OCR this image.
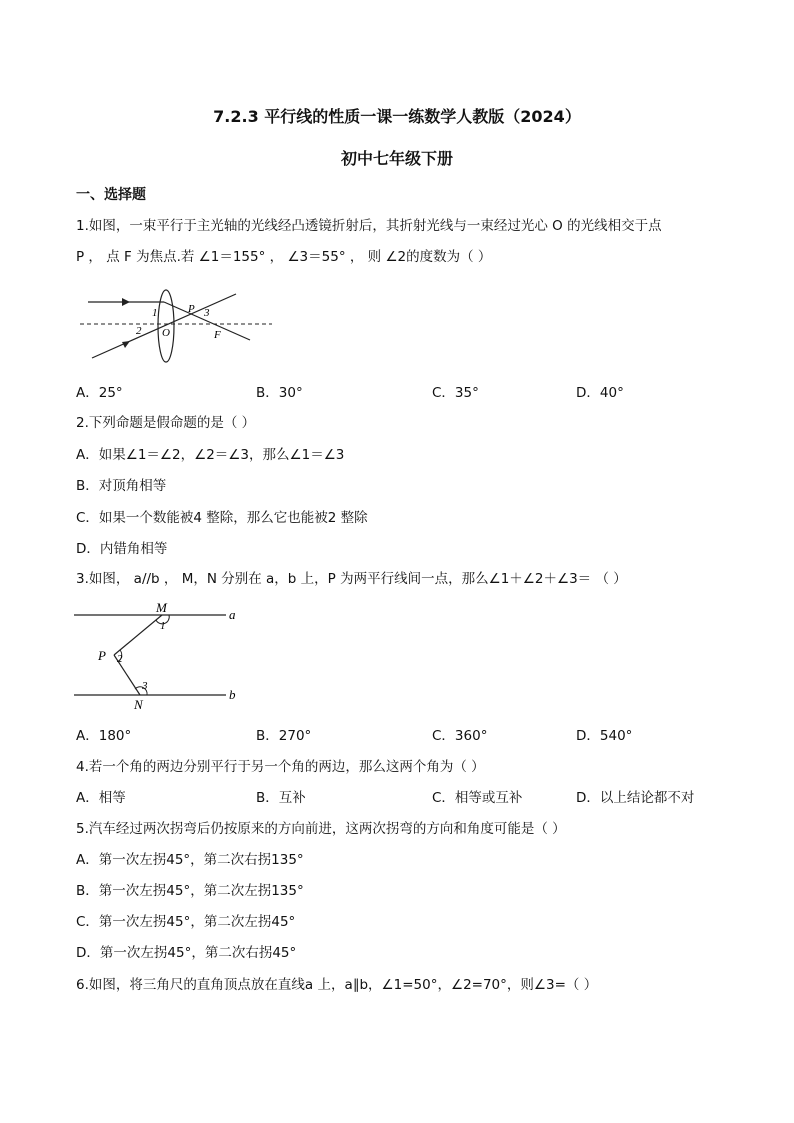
7.2.3 平行线的性质一课一练数学人教版（2024）
初中七年级下册
一、选择题
1.如图，一束平行于主光轴的光线经凸透镜折射后，其折射光线与一束经过光心 O 的光线相交于点
P ， 点 F 为焦点.若 ∠1＝155° ， ∠3＝55° ， 则 ∠2的度数为（ ）
1
2 O
P 3
F
A．25°	B．30°	C．35°	D．40°
2.下列命题是假命题的是（ ）
A．如果∠1＝∠2，∠2＝∠3，那么∠1＝∠3
B．对顶角相等
C．如果一个数能被4 整除，那么它也能被2 整除
D．内错角相等
3.如图， a//b ， M，N 分别在 a，b 上，P 为两平行线间一点，那么∠1＋∠2＋∠3＝ （ ）
M
1
a
P 2
3
b
N
A．180°	B．270°	C．360°	D．540°
4.若一个角的两边分别平行于另一个角的两边，那么这两个角为（ ）
A．相等	B．互补	C．相等或互补	D．以上结论都不对
5.汽车经过两次拐弯后仍按原来的方向前进，这两次拐弯的方向和角度可能是（ ）
A．第一次左拐45°，第二次右拐135°
B．第一次左拐45°，第二次左拐135°
C．第一次左拐45°，第二次左拐45°
D．第一次左拐45°，第二次右拐45°
6.如图，将三角尺的直角顶点放在直线a 上，a∥b，∠1=50°，∠2=70°，则∠3=（ ）
